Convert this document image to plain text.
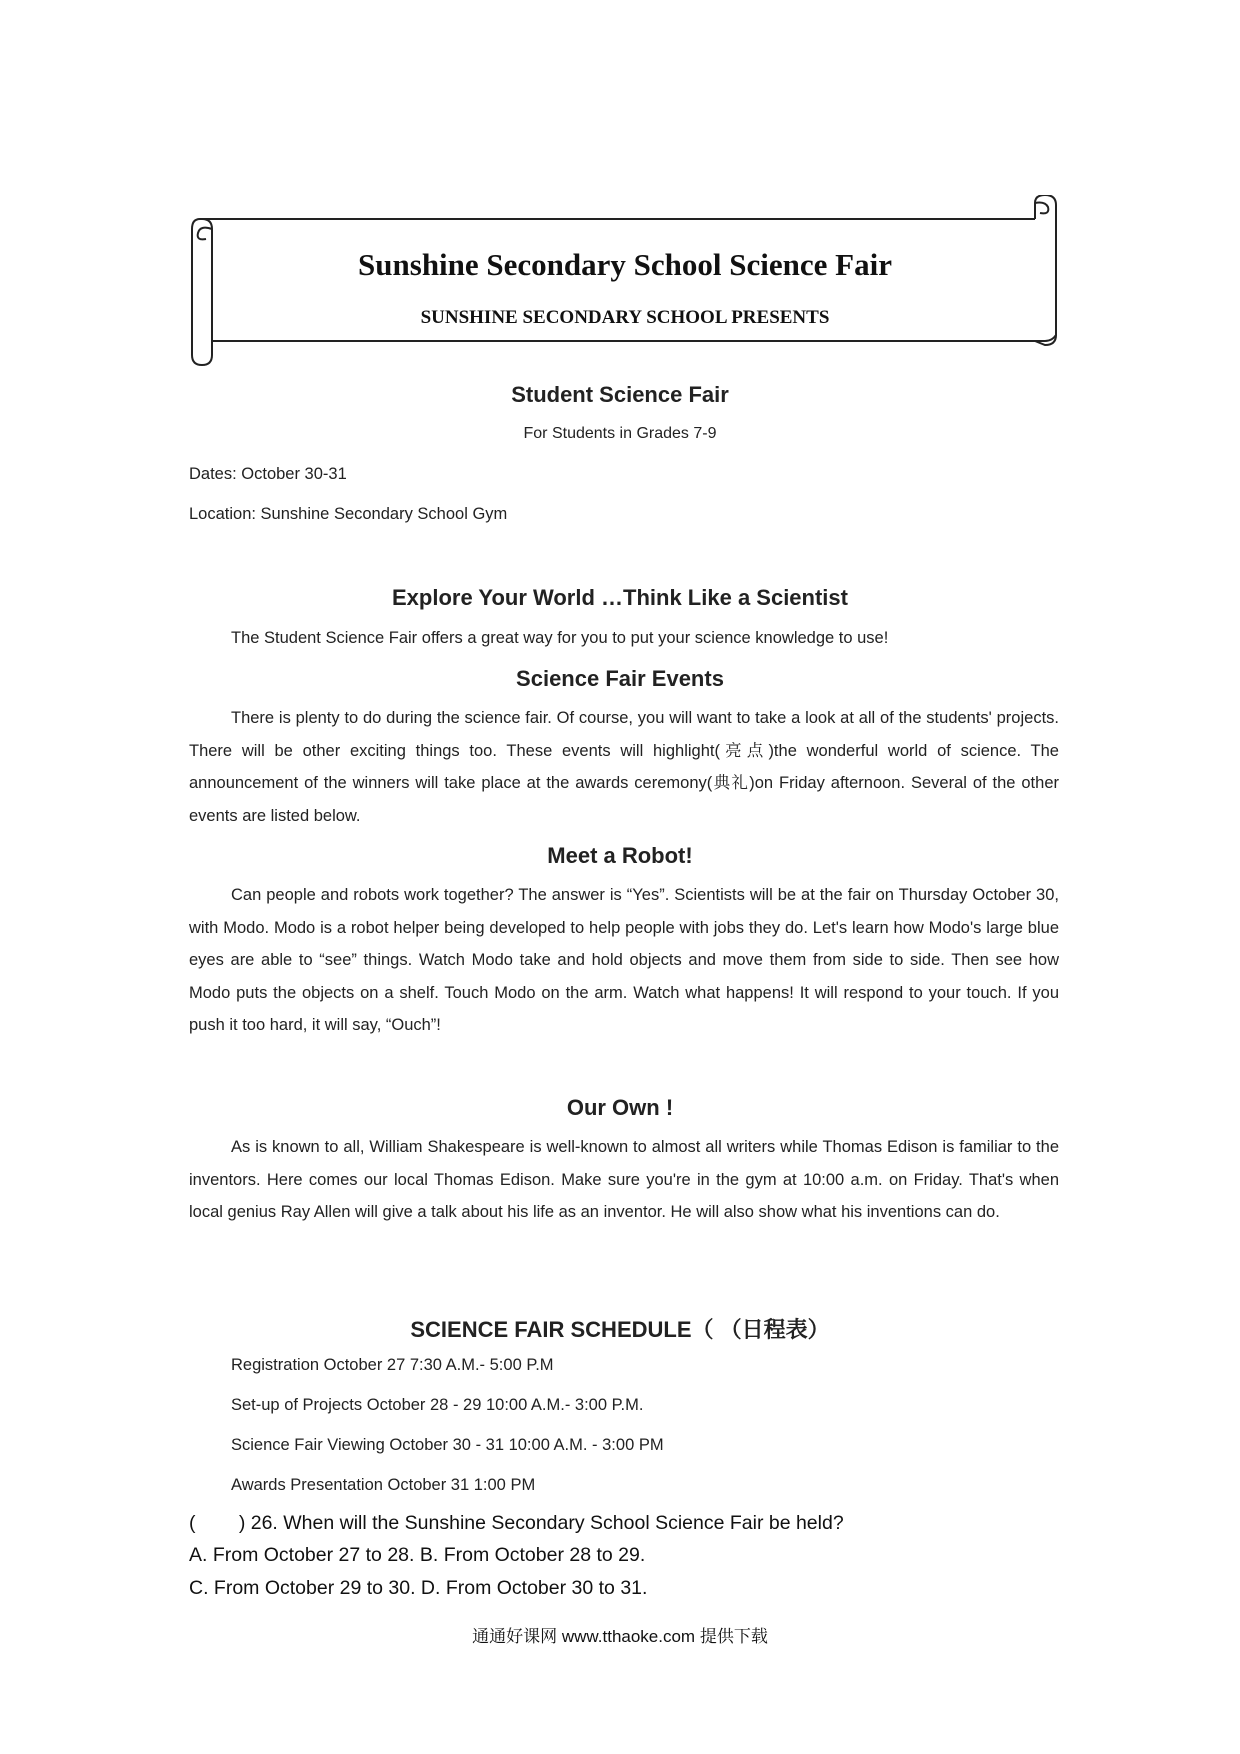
Sunshine Secondary School Science Fair
SUNSHINE SECONDARY SCHOOL PRESENTS
Student Science Fair
For Students in Grades 7-9
Dates: October 30-31
Location: Sunshine Secondary School Gym
Explore Your World …Think Like a Scientist
The Student Science Fair offers a great way for you to put your science knowledge to use!
Science Fair Events
There is plenty to do during the science fair. Of course, you will want to take a look at all of the students' projects. There will be other exciting things too. These events will highlight(亮点)the wonderful world of science. The announcement of the winners will take place at the awards ceremony(典礼)on Friday afternoon. Several of the other events are listed below.
Meet a Robot!
Can people and robots work together? The answer is “Yes”. Scientists will be at the fair on Thursday October 30, with Modo. Modo is a robot helper being developed to help people with jobs they do. Let's learn how Modo's large blue eyes are able to “see” things. Watch Modo take and hold objects and move them from side to side. Then see how Modo puts the objects on a shelf. Touch Modo on the arm. Watch what happens! It will respond to your touch. If you push it too hard, it will say, “Ouch”!
Our Own !
As is known to all, William Shakespeare is well-known to almost all writers while Thomas Edison is familiar to the inventors. Here comes our local Thomas Edison. Make sure you're in the gym at 10:00 a.m. on Friday. That's when local genius Ray Allen will give a talk about his life as an inventor. He will also show what his inventions can do.
SCIENCE FAIR SCHEDULE（ （日程表）
Registration October 27 7:30 A.M.- 5:00 P.M
Set-up of Projects October 28 - 29 10:00 A.M.- 3:00 P.M.
Science Fair Viewing October 30 - 31 10:00 A.M. - 3:00 PM
Awards Presentation October 31 1:00 PM
(        ) 26. When will the Sunshine Secondary School Science Fair be held?
A. From October 27 to 28. B. From October 28 to 29.
C. From October 29 to 30. D. From October 30 to 31.
通通好课网 www.tthaoke.com 提供下载
